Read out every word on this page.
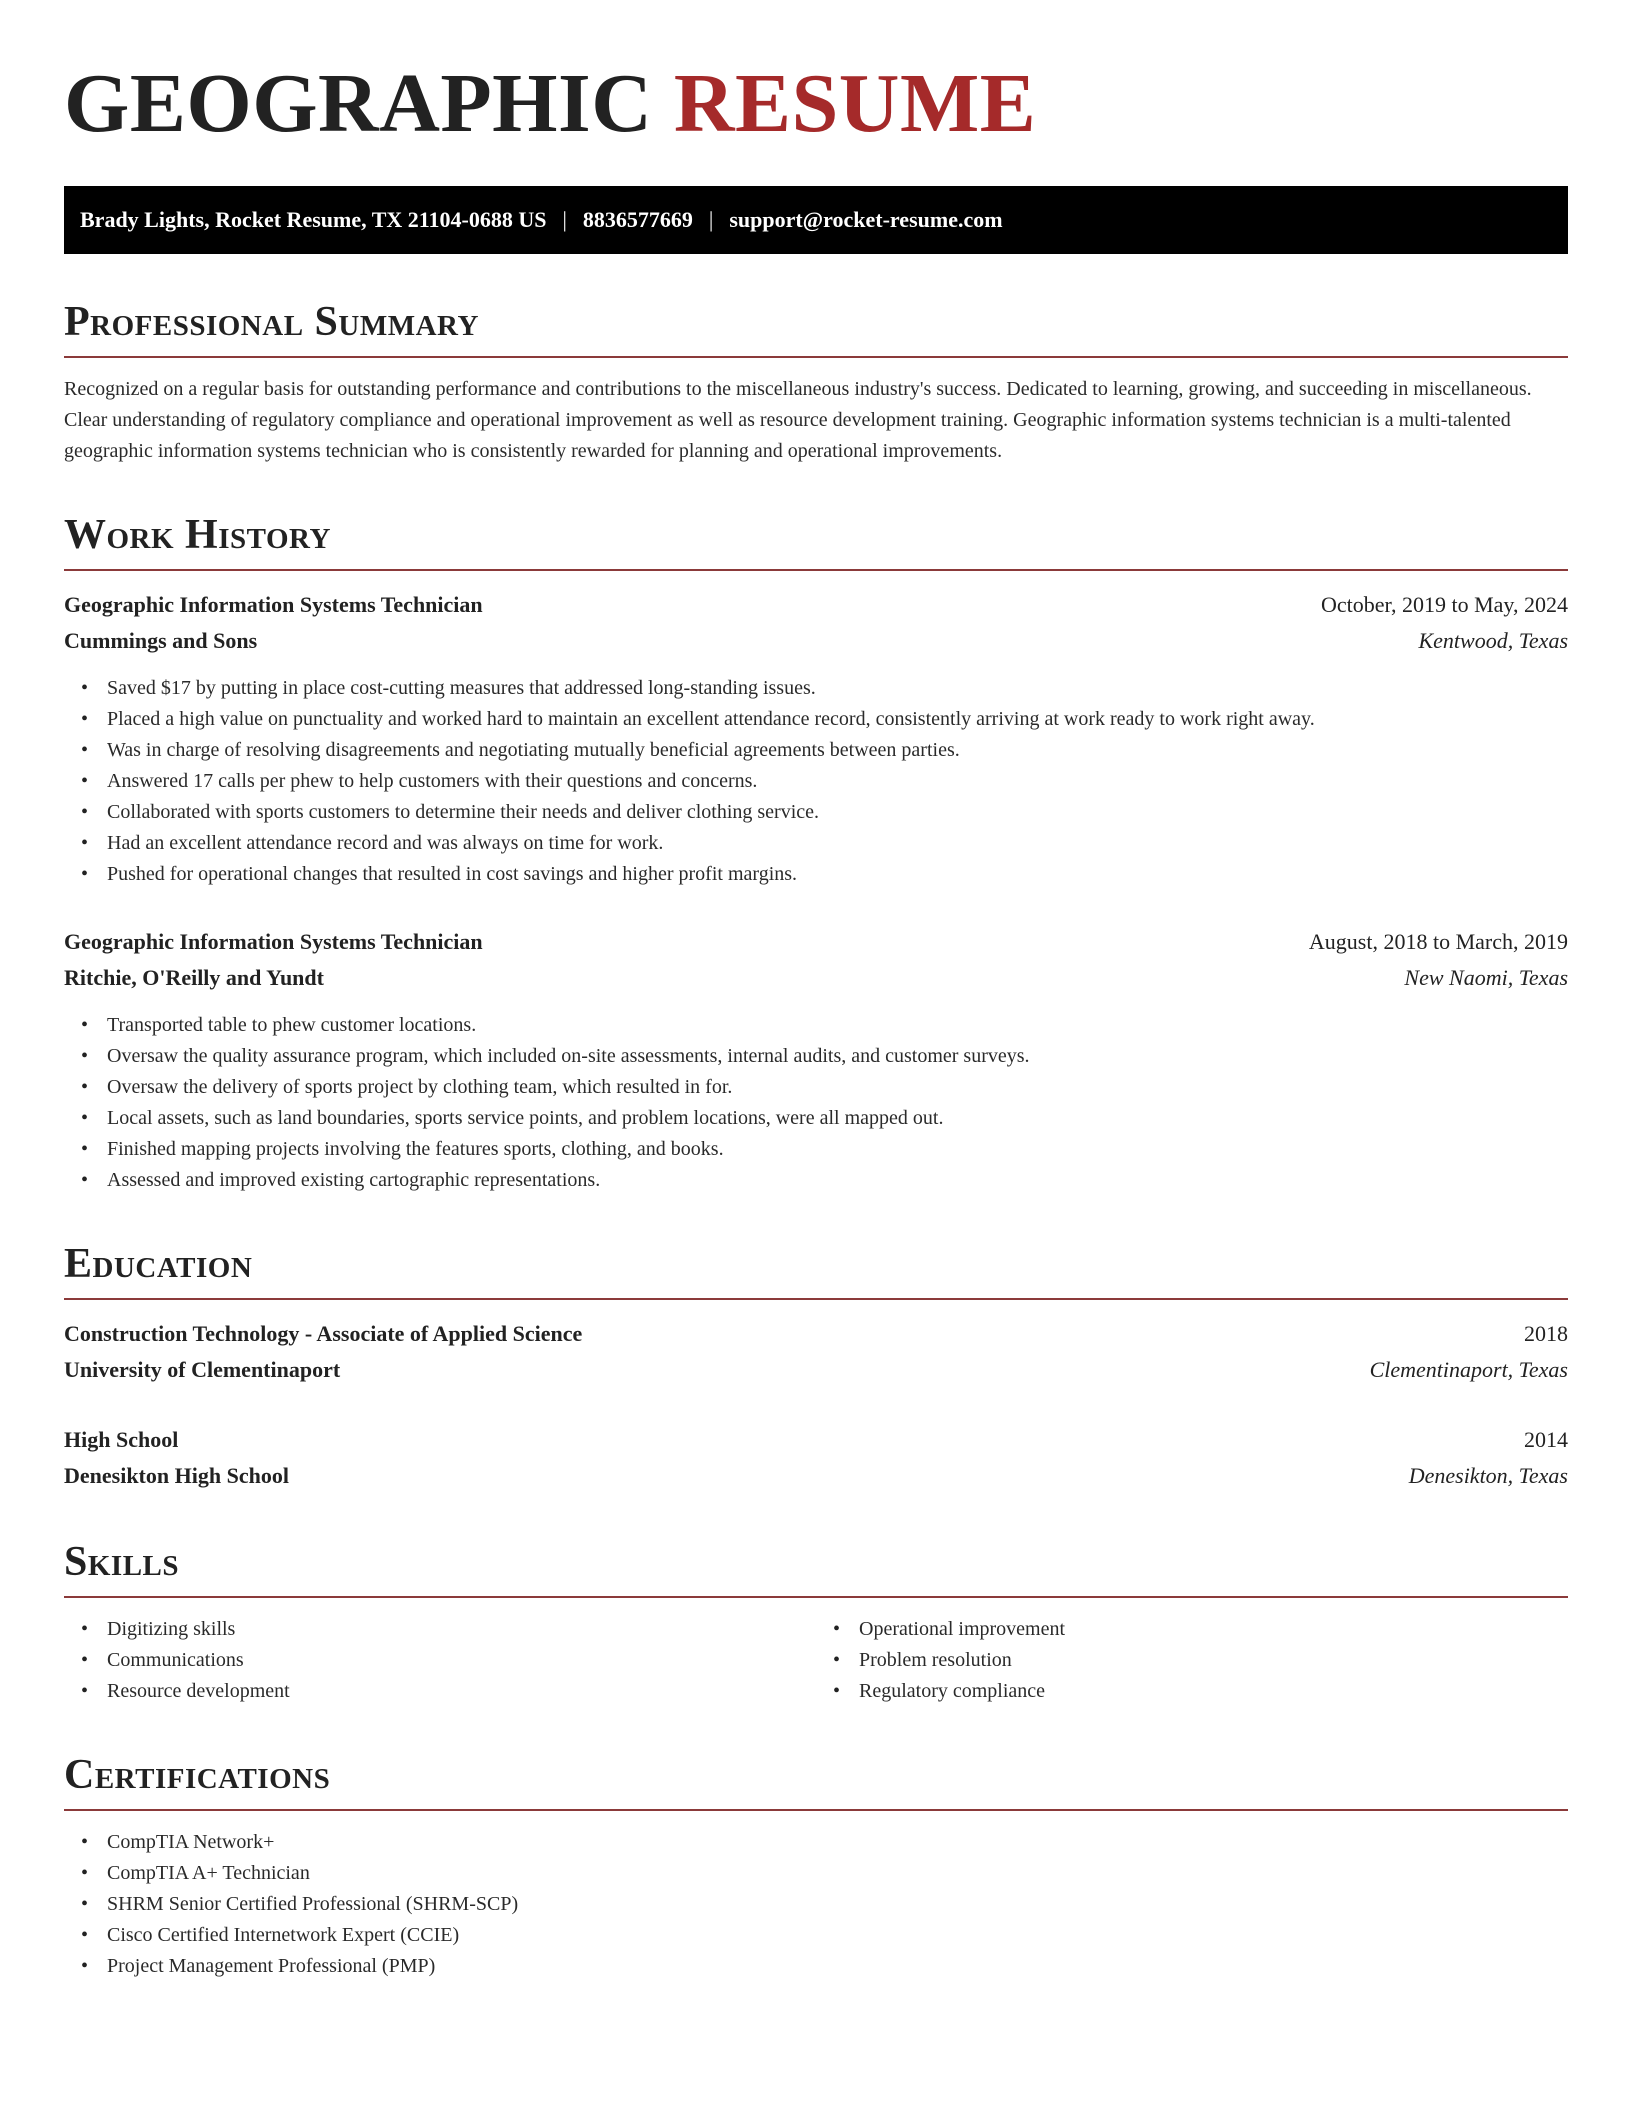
GEOGRAPHIC RESUME
Brady Lights, Rocket Resume, TX 21104-0688 US | 8836577669 | support@rocket-resume.com
Professional Summary

Recognized on a regular basis for outstanding performance and contributions to the miscellaneous industry's success. Dedicated to learning, growing, and succeeding in miscellaneous. Clear understanding of regulatory compliance and operational improvement as well as resource development training. Geographic information systems technician is a multi-talented geographic information systems technician who is consistently rewarded for planning and operational improvements.

Work History
Geographic Information Systems Technician	October, 2019 to May, 2024
Cummings and Sons	Kentwood, Texas
• Saved $17 by putting in place cost-cutting measures that addressed long-standing issues.
• Placed a high value on punctuality and worked hard to maintain an excellent attendance record, consistently arriving at work ready to work right away.
• Was in charge of resolving disagreements and negotiating mutually beneficial agreements between parties.
• Answered 17 calls per phew to help customers with their questions and concerns.
• Collaborated with sports customers to determine their needs and deliver clothing service.
• Had an excellent attendance record and was always on time for work.
• Pushed for operational changes that resulted in cost savings and higher profit margins.
Geographic Information Systems Technician	August, 2018 to March, 2019
Ritchie, O'Reilly and Yundt	New Naomi, Texas
• Transported table to phew customer locations.
• Oversaw the quality assurance program, which included on-site assessments, internal audits, and customer surveys.
• Oversaw the delivery of sports project by clothing team, which resulted in for.
• Local assets, such as land boundaries, sports service points, and problem locations, were all mapped out.
• Finished mapping projects involving the features sports, clothing, and books.
• Assessed and improved existing cartographic representations.
Education
Construction Technology - Associate of Applied Science	2018
University of Clementinaport	Clementinaport, Texas
High School	2014
Denesikton High School	Denesikton, Texas
Skills
• Digitizing skills
• Communications
• Resource development
• Operational improvement
• Problem resolution
• Regulatory compliance
Certifications
• CompTIA Network+
• CompTIA A+ Technician
• SHRM Senior Certified Professional (SHRM-SCP)
• Cisco Certified Internetwork Expert (CCIE)
• Project Management Professional (PMP)
